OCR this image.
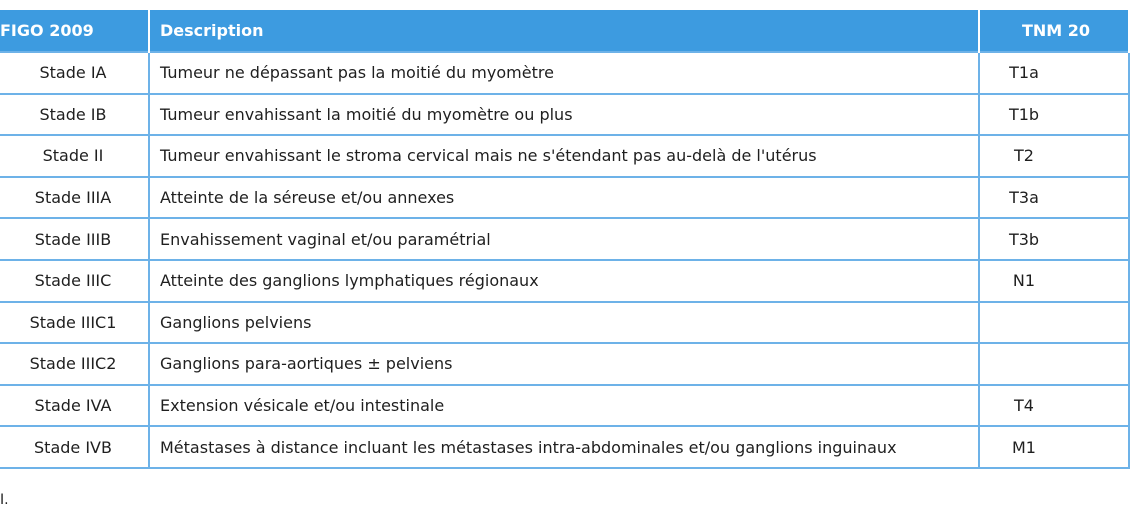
FIGO 2009	Description	TNM 20
Stade IA	Tumeur ne dépassant pas la moitié du myomètre	T1a
Stade IB	Tumeur envahissant la moitié du myomètre ou plus	T1b
Stade II	Tumeur envahissant le stroma cervical mais ne s'étendant pas au-delà de l'utérus	T2
Stade IIIA	Atteinte de la séreuse et/ou annexes	T3a
Stade IIIB	Envahissement vaginal et/ou paramétrial	T3b
Stade IIIC	Atteinte des ganglions lymphatiques régionaux	N1
Stade IIIC1	Ganglions pelviens	
Stade IIIC2	Ganglions para-aortiques ± pelviens	
Stade IVA	Extension vésicale et/ou intestinale	T4
Stade IVB	Métastases à distance incluant les métastases intra-abdominales et/ou ganglions inguinaux	M1
I.
